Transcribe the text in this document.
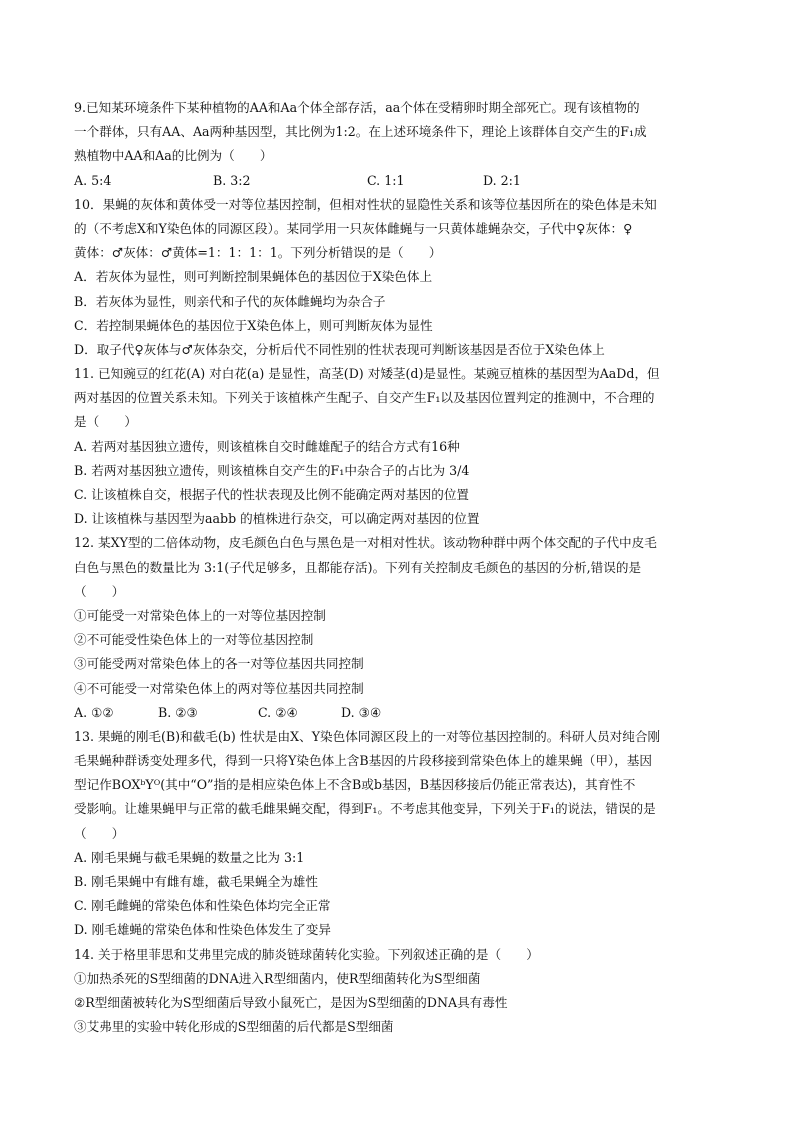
9.已知某环境条件下某种植物的AA和Aa个体全部存活，aa个体在受精卵时期全部死亡。现有该植物的
一个群体，只有AA、Aa两种基因型，其比例为1:2。在上述环境条件下，理论上该群体自交产生的F₁成
熟植物中AA和Aa的比例为（　　）
A. 5:4	B. 3:2	C. 1:1	D. 2:1
10．果蝇的灰体和黄体受一对等位基因控制，但相对性状的显隐性关系和该等位基因所在的染色体是未知
的（不考虑X和Y染色体的同源区段）。某同学用一只灰体雌蝇与一只黄体雄蝇杂交，子代中♀灰体：♀
黄体：♂灰体：♂黄体=1：1：1：1。下列分析错误的是（　　）
A．若灰体为显性，则可判断控制果蝇体色的基因位于X染色体上
B．若灰体为显性，则亲代和子代的灰体雌蝇均为杂合子
C．若控制果蝇体色的基因位于X染色体上，则可判断灰体为显性
D．取子代♀灰体与♂灰体杂交，分析后代不同性别的性状表现可判断该基因是否位于X染色体上
11. 已知豌豆的红花(A) 对白花(a) 是显性，高茎(D) 对矮茎(d)是显性。某豌豆植株的基因型为AaDd，但
两对基因的位置关系未知。下列关于该植株产生配子、自交产生F₁以及基因位置判定的推测中，不合理的
是（　　）
A. 若两对基因独立遗传，则该植株自交时雌雄配子的结合方式有16种
B. 若两对基因独立遗传，则该植株自交产生的F₁中杂合子的占比为 3/4
C. 让该植株自交，根据子代的性状表现及比例不能确定两对基因的位置
D. 让该植株与基因型为aabb 的植株进行杂交，可以确定两对基因的位置
12. 某XY型的二倍体动物，皮毛颜色白色与黑色是一对相对性状。该动物种群中两个体交配的子代中皮毛
白色与黑色的数量比为 3:1(子代足够多，且都能存活)。下列有关控制皮毛颜色的基因的分析,错误的是
（　　）
①可能受一对常染色体上的一对等位基因控制
②不可能受性染色体上的一对等位基因控制
③可能受两对常染色体上的各一对等位基因共同控制
④不可能受一对常染色体上的两对等位基因共同控制
A. ①②	B. ②③	C. ②④	D. ③④
13. 果蝇的刚毛(B)和截毛(b) 性状是由X、Y染色体同源区段上的一对等位基因控制的。科研人员对纯合刚
毛果蝇种群诱变处理多代，得到一只将Y染色体上含B基因的片段移接到常染色体上的雄果蝇（甲），基因
型记作BOXᵇYᴼ(其中“O”指的是相应染色体上不含B或b基因，B基因移接后仍能正常表达)，其育性不
受影响。让雄果蝇甲与正常的截毛雌果蝇交配，得到F₁。不考虑其他变异，下列关于F₁的说法，错误的是
（　　）
A. 刚毛果蝇与截毛果蝇的数量之比为 3:1
B. 刚毛果蝇中有雌有雄，截毛果蝇全为雄性
C. 刚毛雌蝇的常染色体和性染色体均完全正常
D. 刚毛雄蝇的常染色体和性染色体发生了变异
14. 关于格里菲思和艾弗里完成的肺炎链球菌转化实验。下列叙述正确的是（　　）
①加热杀死的S型细菌的DNA进入R型细菌内，使R型细菌转化为S型细菌
②R型细菌被转化为S型细菌后导致小鼠死亡，是因为S型细菌的DNA具有毒性
③艾弗里的实验中转化形成的S型细菌的后代都是S型细菌
